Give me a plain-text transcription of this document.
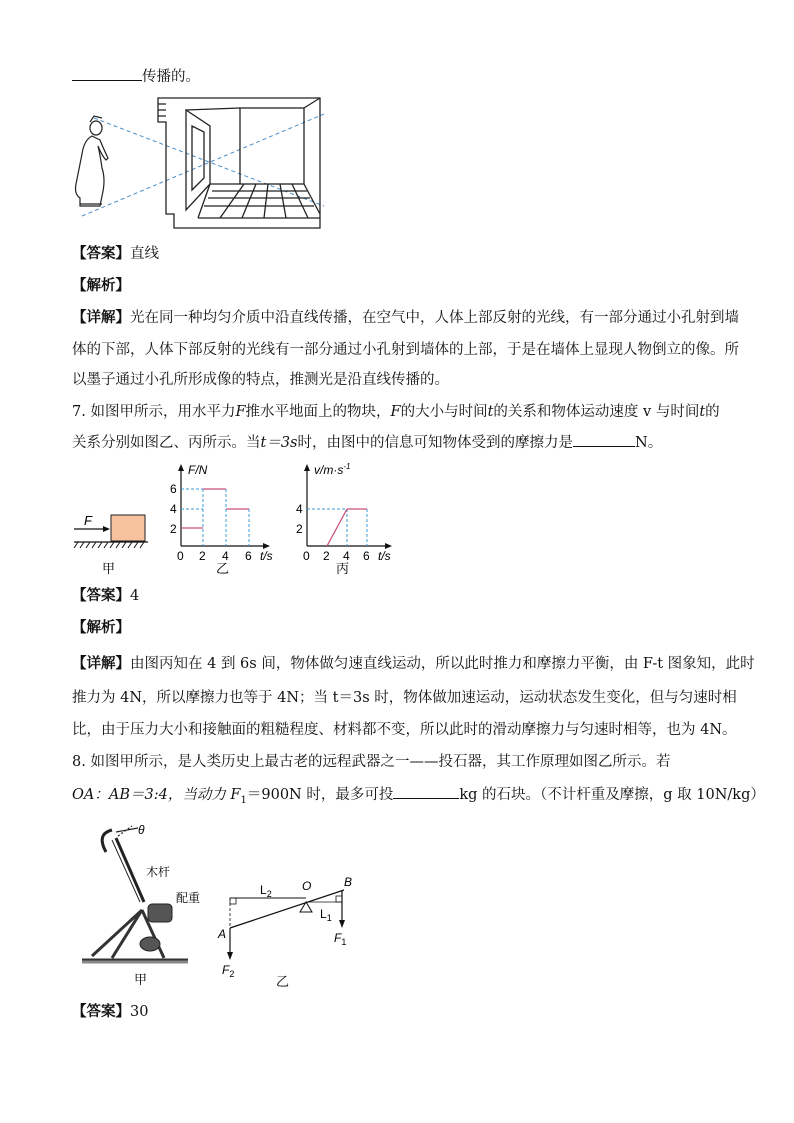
传播的。
【答案】直线
【解析】
【详解】光在同一种均匀介质中沿直线传播，在空气中，人体上部反射的光线，有一部分通过小孔射到墙
体的下部，人体下部反射的光线有一部分通过小孔射到墙体的上部，于是在墙体上显现人物倒立的像。所
以墨子通过小孔所形成像的特点，推测光是沿直线传播的。
7. 如图甲所示，用水平力F推水平地面上的物块，F的大小与时间t的关系和物体运动速度 v 与时间t的
关系分别如图乙、丙所示。当t＝3s时，由图中的信息可知物体受到的摩擦力是	N。
F
甲
F/N
6
4
2
0 2 4 6 t/s
乙
$v/m\cdot s^{-1}$
4
2
0 2 4 6 t/s
丙
【答案】4
【解析】
【详解】由图丙知在 4 到 6s 间，物体做匀速直线运动，所以此时推力和摩擦力平衡，由 F-t 图象知，此时
推力为 4N，所以摩擦力也等于 4N；当 t＝3s 时，物体做加速运动，运动状态发生变化，但与匀速时相
比，由于压力大小和接触面的粗糙程度、材料都不变，所以此时的滑动摩擦力与匀速时相等，也为 4N。
8. 如图甲所示，是人类历史上最古老的远程武器之一——投石器，其工作原理如图乙所示。若
OA：AB＝3:4，当动力 $F_1=900N$ 时，最多可投	kg 的石块。（不计杆重及摩擦，g 取 10N/kg）
θ
木杆
配重
甲
$L_2$
O	B
$L_1$
$F_1$
A
$F_2$	乙
【答案】30
